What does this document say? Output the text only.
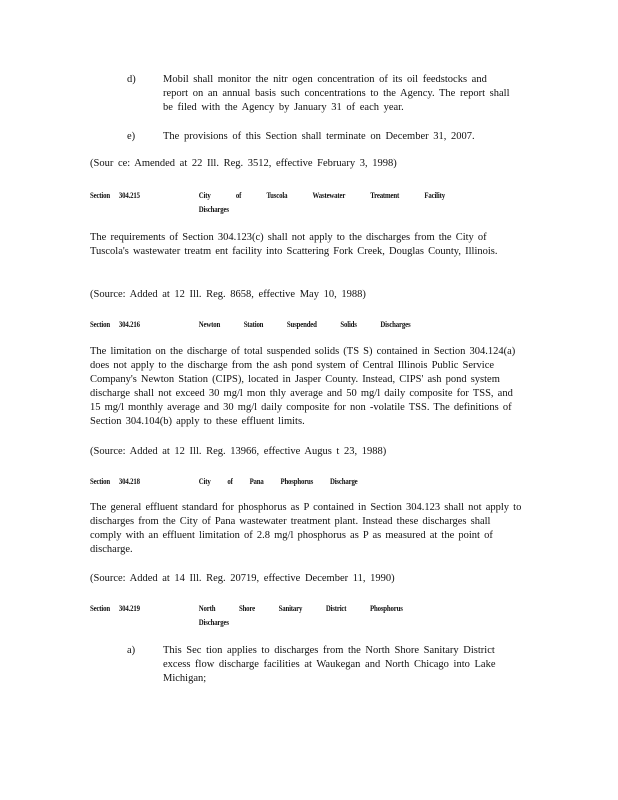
d)	Mobil shall monitor the nitr ogen concentration of its oil feedstocks and report on an annual basis such concentrations to the Agency. The report shall be filed with the Agency by January 31 of each year.
e)	The provisions of this Section shall terminate on December 31, 2007.
(Sour ce: Amended at 22 Ill. Reg. 3512, effective February 3, 1998)
Section 304.215	City of Tuscola Wastewater Treatment Facility Discharges
The requirements of Section 304.123(c) shall not apply to the discharges from the City of Tuscola's wastewater treatm ent facility into Scattering Fork Creek, Douglas County, Illinois.
(Source: Added at 12 Ill. Reg. 8658, effective May 10, 1988)
Section 304.216	Newton Station Suspended Solids Discharges
The limitation on the discharge of total suspended solids (TS S) contained in Section 304.124(a) does not apply to the discharge from the ash pond system of Central Illinois Public Service Company's Newton Station (CIPS), located in Jasper County. Instead, CIPS' ash pond system discharge shall not exceed 30 mg/l mon thly average and 50 mg/l daily composite for TSS, and 15 mg/l monthly average and 30 mg/l daily composite for non -volatile TSS. The definitions of Section 304.104(b) apply to these effluent limits.
(Source: Added at 12 Ill. Reg. 13966, effective Augus t 23, 1988)
Section 304.218	City of Pana Phosphorus Discharge
The general effluent standard for phosphorus as P contained in Section 304.123 shall not apply to discharges from the City of Pana wastewater treatment plant. Instead these discharges shall comply with an effluent limitation of 2.8 mg/l phosphorus as P as measured at the point of discharge.
(Source: Added at 14 Ill. Reg. 20719, effective December 11, 1990)
Section 304.219	North Shore Sanitary District Phosphorus Discharges
a)	This Sec tion applies to discharges from the North Shore Sanitary District excess flow discharge facilities at Waukegan and North Chicago into Lake Michigan;
